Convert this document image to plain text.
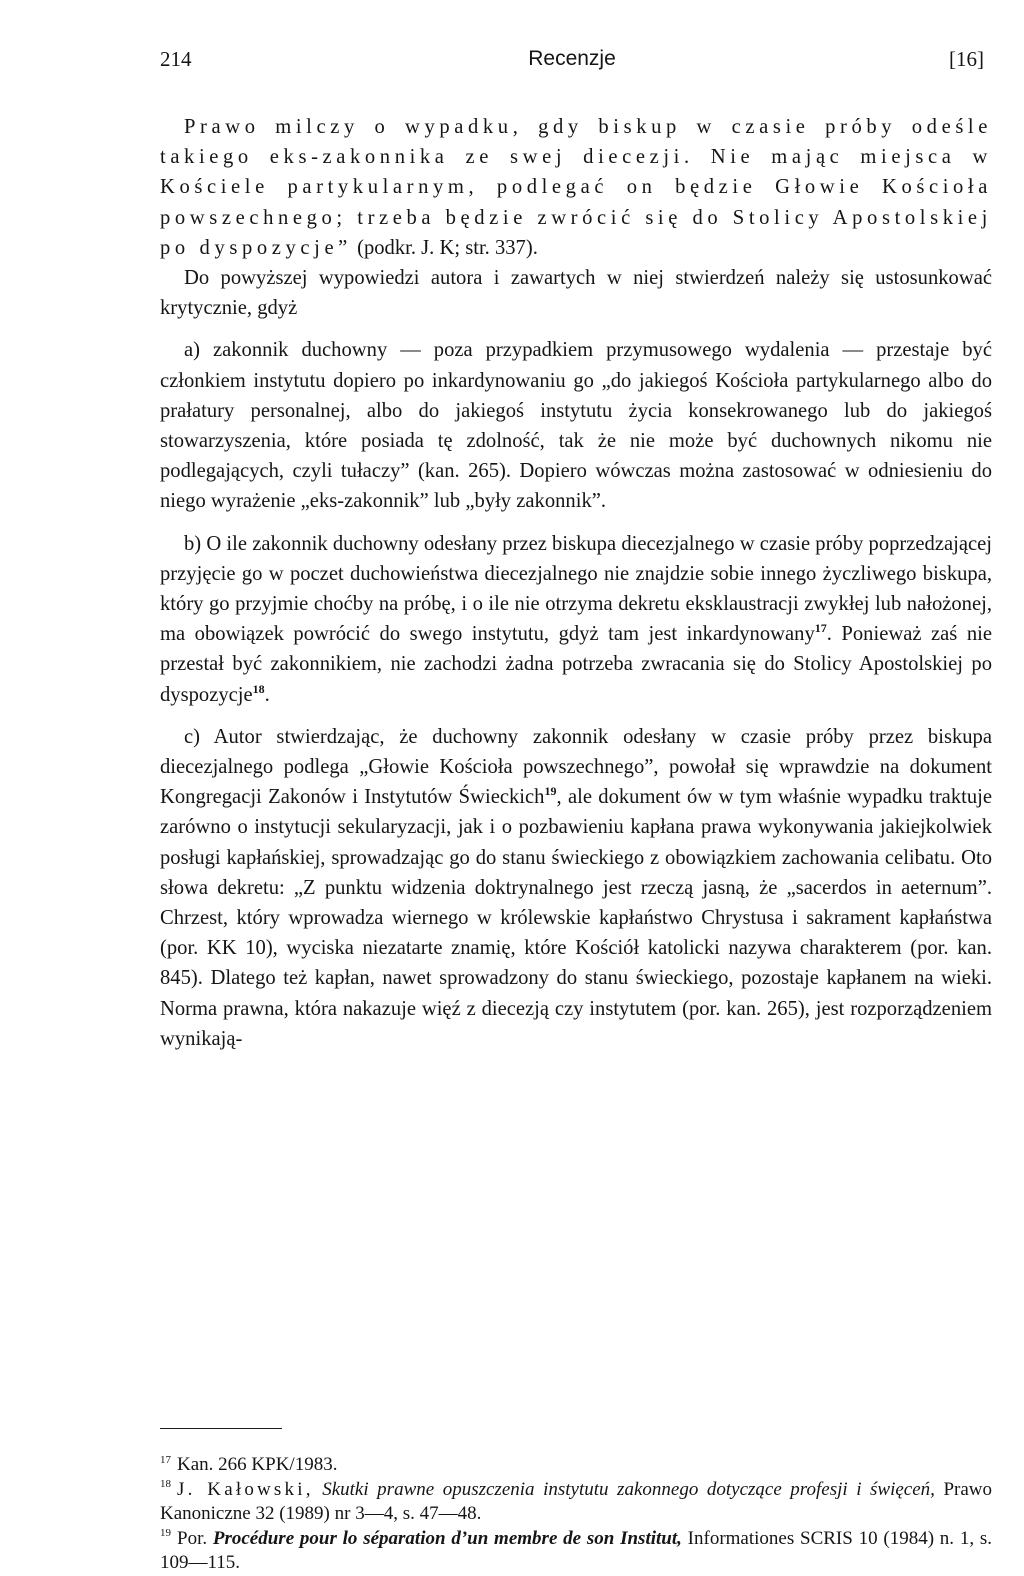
214	Recenzje	[16]

Prawo milczy o wypadku, gdy biskup w czasie próby odeśle takiego eks-zakonnika ze swej diecezji. Nie mając miejsca w Kościele partykularnym, podlegać on będzie Głowie Kościoła powszechnego; trzeba będzie zwrócić się do Stolicy Apostolskiej po dyspozycje” (podkr. J. K; str. 337).

Do powyższej wypowiedzi autora i zawartych w niej stwierdzeń należy się ustosunkować krytycznie, gdyż

a) zakonnik duchowny — poza przypadkiem przymusowego wydalenia — przestaje być członkiem instytutu dopiero po inkardynowaniu go „do jakiegoś Kościoła partykularnego albo do prałatury personalnej, albo do jakiegoś instytutu życia konsekrowanego lub do jakiegoś stowarzyszenia, które posiada tę zdolność, tak że nie może być duchownych nikomu nie podlegających, czyli tułaczy” (kan. 265). Dopiero wówczas można zastosować w odniesieniu do niego wyrażenie „eks-zakonnik” lub „były zakonnik”.

b) O ile zakonnik duchowny odesłany przez biskupa diecezjalnego w czasie próby poprzedzającej przyjęcie go w poczet duchowieństwa diecezjalnego nie znajdzie sobie innego życzliwego biskupa, który go przyjmie choćby na próbę, i o ile nie otrzyma dekretu eksklaustracji zwykłej lub nałożonej, ma obowiązek powrócić do swego instytutu, gdyż tam jest inkardynowany$^{17}$. Ponieważ zaś nie przestał być zakonnikiem, nie zachodzi żadna potrzeba zwracania się do Stolicy Apostolskiej po dyspozycje$^{18}$.

c) Autor stwierdzając, że duchowny zakonnik odesłany w czasie próby przez biskupa diecezjalnego podlega „Głowie Kościoła powszechnego”, powołał się wprawdzie na dokument Kongregacji Zakonów i Instytutów Świeckich$^{19}$, ale dokument ów w tym właśnie wypadku traktuje zarówno o instytucji sekularyzacji, jak i o pozbawieniu kapłana prawa wykonywania jakiejkolwiek posługi kapłańskiej, sprowadzając go do stanu świeckiego z obowiązkiem zachowania celibatu. Oto słowa dekretu: „Z punktu widzenia doktrynalnego jest rzeczą jasną, że „sacerdos in aeternum”. Chrzest, który wprowadza wiernego w królewskie kapłaństwo Chrystusa i sakrament kapłaństwa (por. KK 10), wyciska niezatarte znamię, które Kościół katolicki nazywa charakterem (por. kan. 845). Dlatego też kapłan, nawet sprowadzony do stanu świeckiego, pozostaje kapłanem na wieki. Norma prawna, która nakazuje więź z diecezją czy instytutem (por. kan. 265), jest rozporządzeniem wynikają-

$^{17}$ Kan. 266 KPK/1983.

$^{18}$ J. Kałowski, Skutki prawne opuszczenia instytutu zakonnego dotyczące profesji i święceń, Prawo Kanoniczne 32 (1989) nr 3—4, s. 47—48.

$^{19}$ Por. Procédure pour lo séparation d’un membre de son Institut, Informationes SCRIS 10 (1984) n. 1, s. 109—115.
